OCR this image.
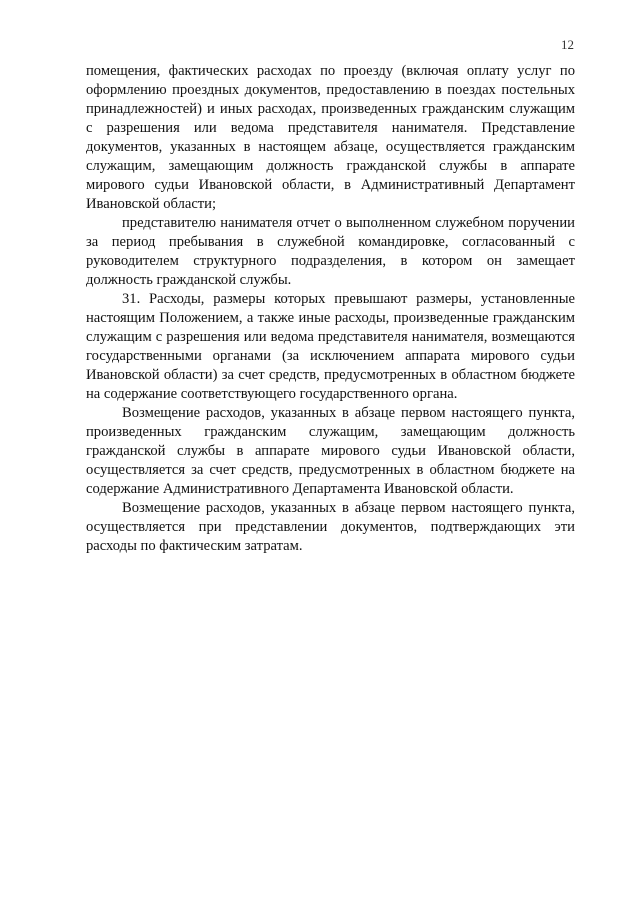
12

помещения, фактических расходах по проезду (включая оплату услуг по оформлению проездных документов, предоставлению в поездах постельных принадлежностей) и иных расходах, произведенных гражданским служащим с разрешения или ведома представителя нанимателя. Представление документов, указанных в настоящем абзаце, осуществляется гражданским служащим, замещающим должность гражданской службы в аппарате мирового судьи Ивановской области, в Административный Департамент Ивановской области;

представителю нанимателя отчет о выполненном служебном поручении за период пребывания в служебной командировке, согласованный с руководителем структурного подразделения, в котором он замещает должность гражданской службы.

31. Расходы, размеры которых превышают размеры, установленные настоящим Положением, а также иные расходы, произведенные гражданским служащим с разрешения или ведома представителя нанимателя, возмещаются государственными органами (за исключением аппарата мирового судьи Ивановской области) за счет средств, предусмотренных в областном бюджете на содержание соответствующего государственного органа.

Возмещение расходов, указанных в абзаце первом настоящего пункта, произведенных гражданским служащим, замещающим должность гражданской службы в аппарате мирового судьи Ивановской области, осуществляется за счет средств, предусмотренных в областном бюджете на содержание Административного Департамента Ивановской области.

Возмещение расходов, указанных в абзаце первом настоящего пункта, осуществляется при представлении документов, подтверждающих эти расходы по фактическим затратам.
